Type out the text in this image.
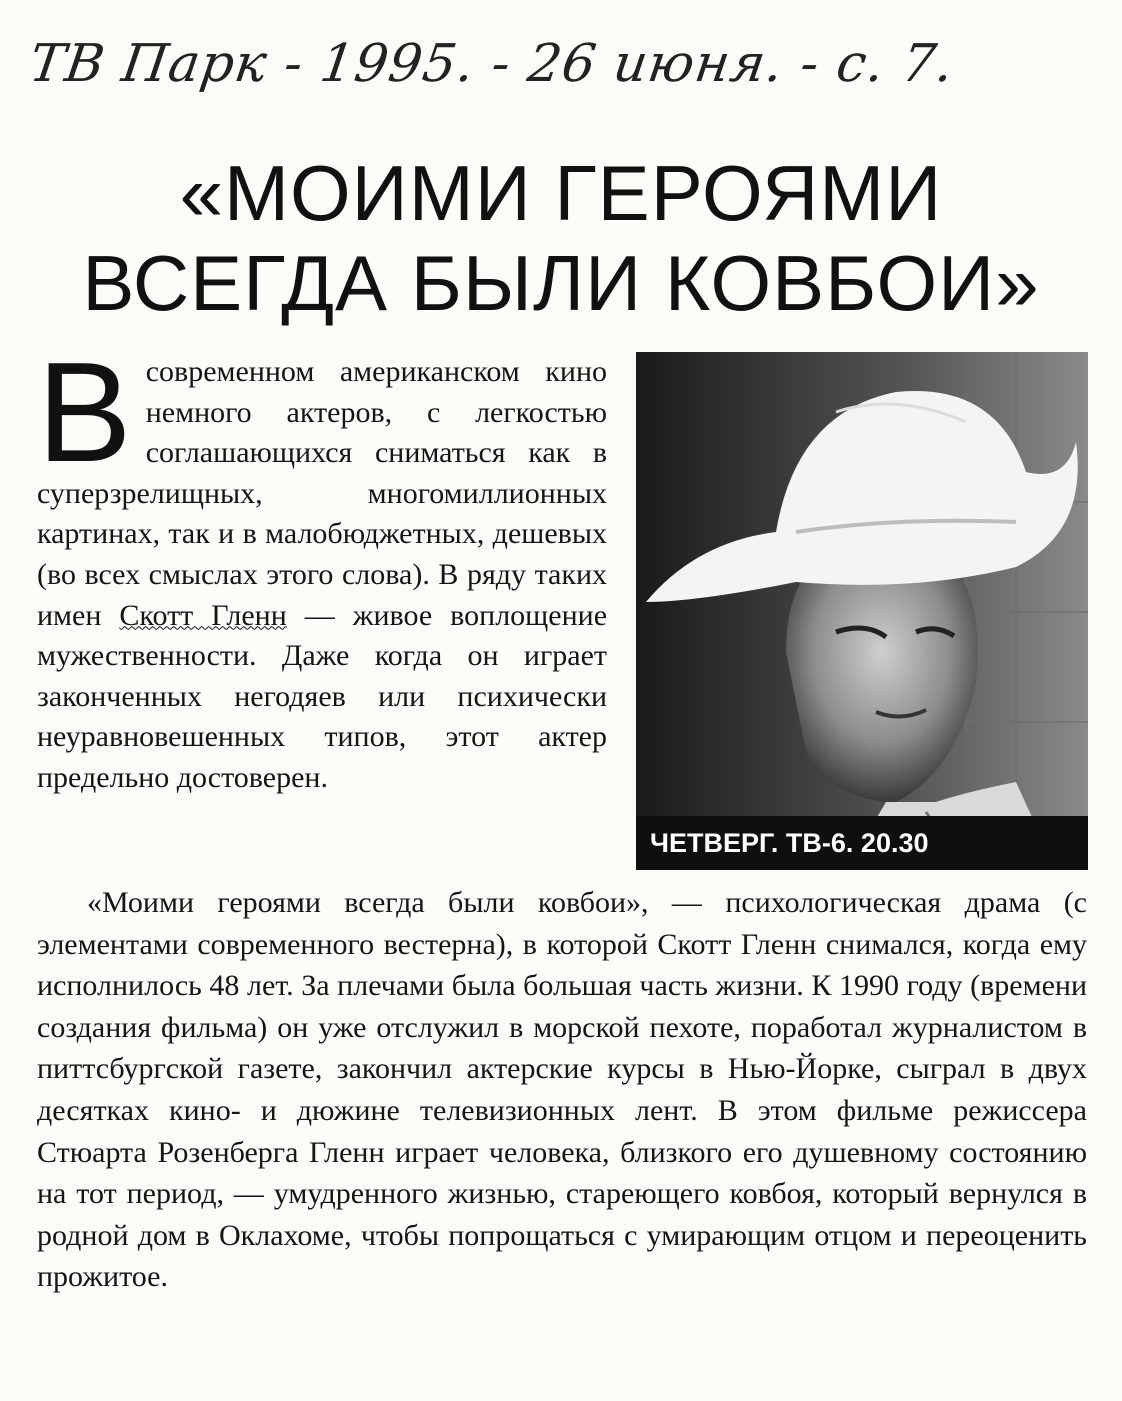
ТВ Парк - 1995. - 26 июня. - с. 7.
«МОИМИ ГЕРОЯМИ
ВСЕГДА БЫЛИ КОВБОИ»
Всовременном американском кино немного актеров, с легкостью соглашающихся сниматься как в суперзрелищных, многомиллионных картинах, так и в малобюджетных, дешевых (во всех смыслах этого слова). В ряду таких имен Скотт Гленн — живое воплощение мужественности. Даже когда он играет законченных негодяев или психически неуравновешенных типов, этот актер предельно достоверен.
ЧЕТВЕРГ. ТВ-6. 20.30
«Моими героями всегда были ковбои», — психологическая драма (с элементами современного вестерна), в которой Скотт Гленн снимался, когда ему исполнилось 48 лет. За плечами была большая часть жизни. К 1990 году (времени создания фильма) он уже отслужил в морской пехоте, поработал журналистом в питтсбургской газете, закончил актерские курсы в Нью-Йорке, сыграл в двух десятках кино- и дюжине телевизионных лент. В этом фильме режиссера Стюарта Розенберга Гленн играет человека, близкого его душевному состоянию на тот период, — умудренного жизнью, стареющего ковбоя, который вернулся в родной дом в Оклахоме, чтобы попрощаться с умирающим отцом и переоценить прожитое.
